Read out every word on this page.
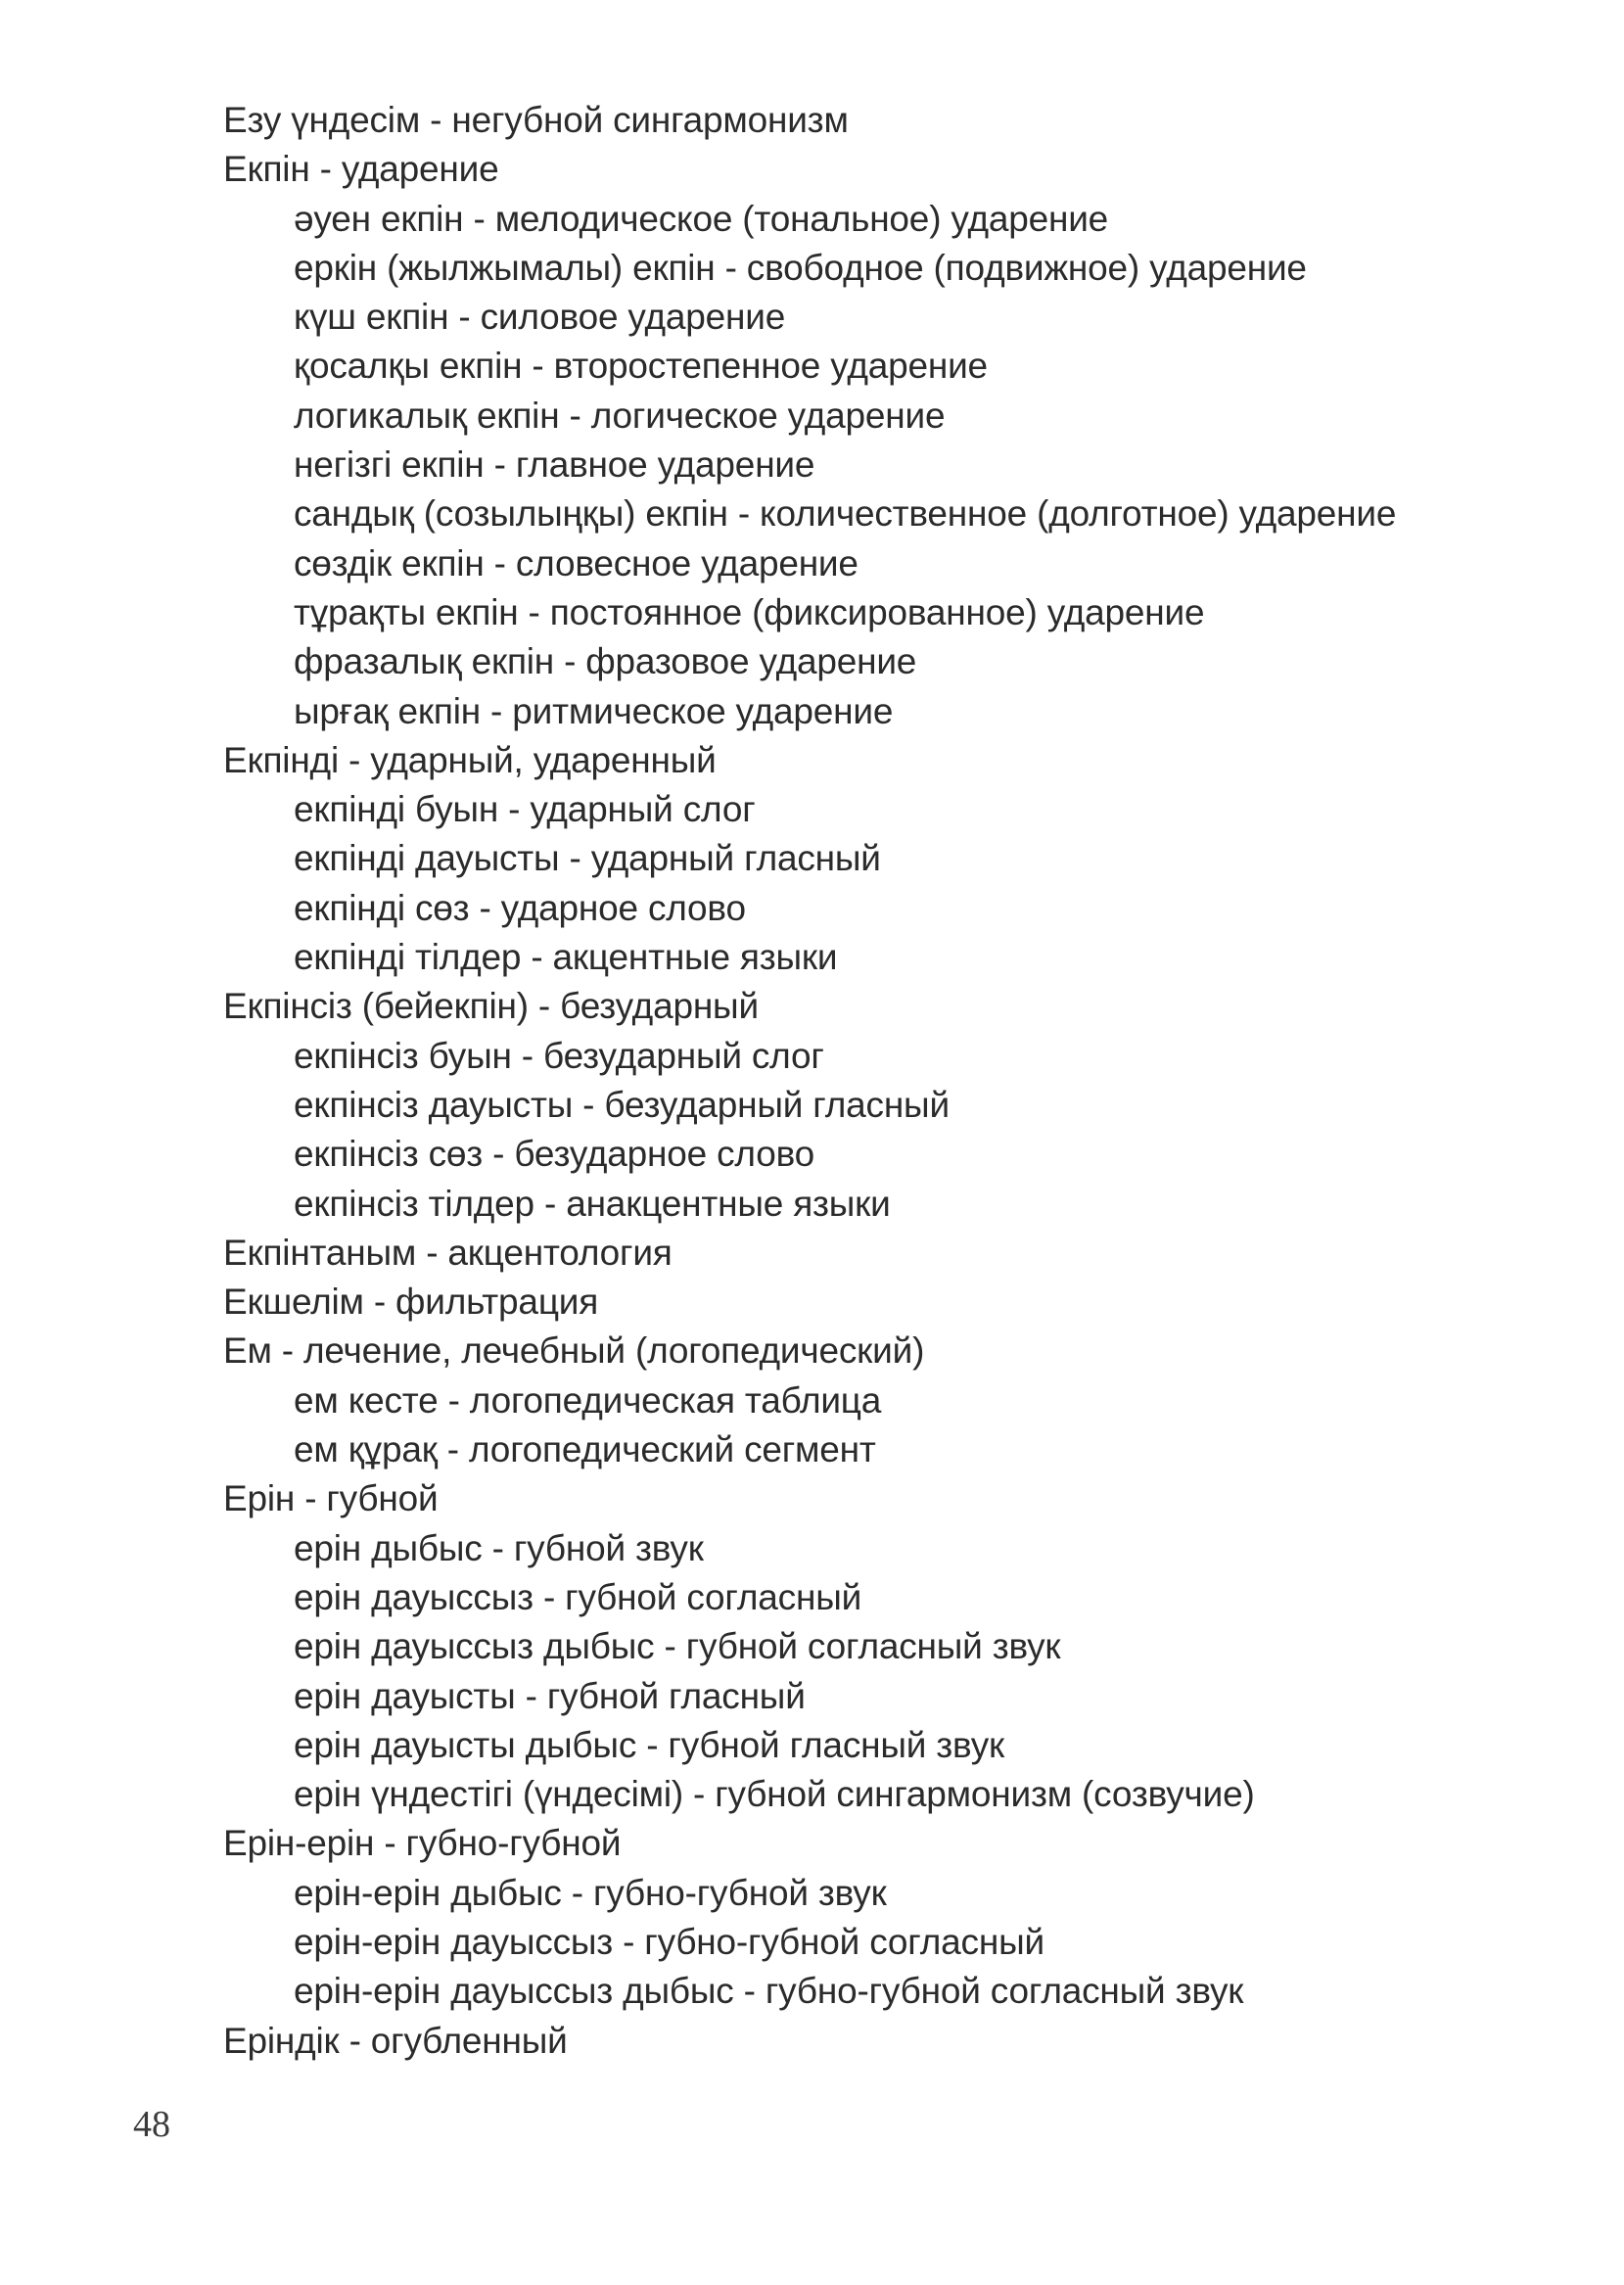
Езу үндесім - негубной сингармонизм
Екпін - ударение
әуен екпін - мелодическое (тональное) ударение
еркін (жылжымалы) екпін - свободное (подвижное) ударение
күш екпін - силовое ударение
қосалқы екпін - второстепенное ударение
логикалық екпін - логическое ударение
негізгі екпін - главное ударение
сандық (созылыңқы) екпін - количественное (долготное) ударение
сөздік екпін - словесное ударение
тұрақты екпін - постоянное (фиксированное) ударение
фразалық екпін - фразовое ударение
ырғақ екпін - ритмическое ударение
Екпінді - ударный, ударенный
екпінді буын - ударный слог
екпінді дауысты - ударный гласный
екпінді сөз - ударное слово
екпінді тілдер - акцентные языки
Екпінсіз (бейекпін) - безударный
екпінсіз буын - безударный слог
екпінсіз дауысты - безударный гласный
екпінсіз сөз - безударное слово
екпінсіз тілдер - анакцентные языки
Екпінтаным - акцентология
Екшелім - фильтрация
Ем - лечение, лечебный (логопедический)
ем кесте - логопедическая таблица
ем құрақ - логопедический сегмент
Ерін - губной
ерін дыбыс - губной звук
ерін дауыссыз - губной согласный
ерін дауыссыз дыбыс - губной согласный звук
ерін дауысты - губной гласный
ерін дауысты дыбыс - губной гласный звук
ерін үндестігі (үндесімі) - губной сингармонизм (созвучие)
Ерін-ерін - губно-губной
ерін-ерін дыбыс - губно-губной звук
ерін-ерін дауыссыз - губно-губной согласный
ерін-ерін дауыссыз дыбыс - губно-губной согласный звук
Еріндік - огубленный
48
